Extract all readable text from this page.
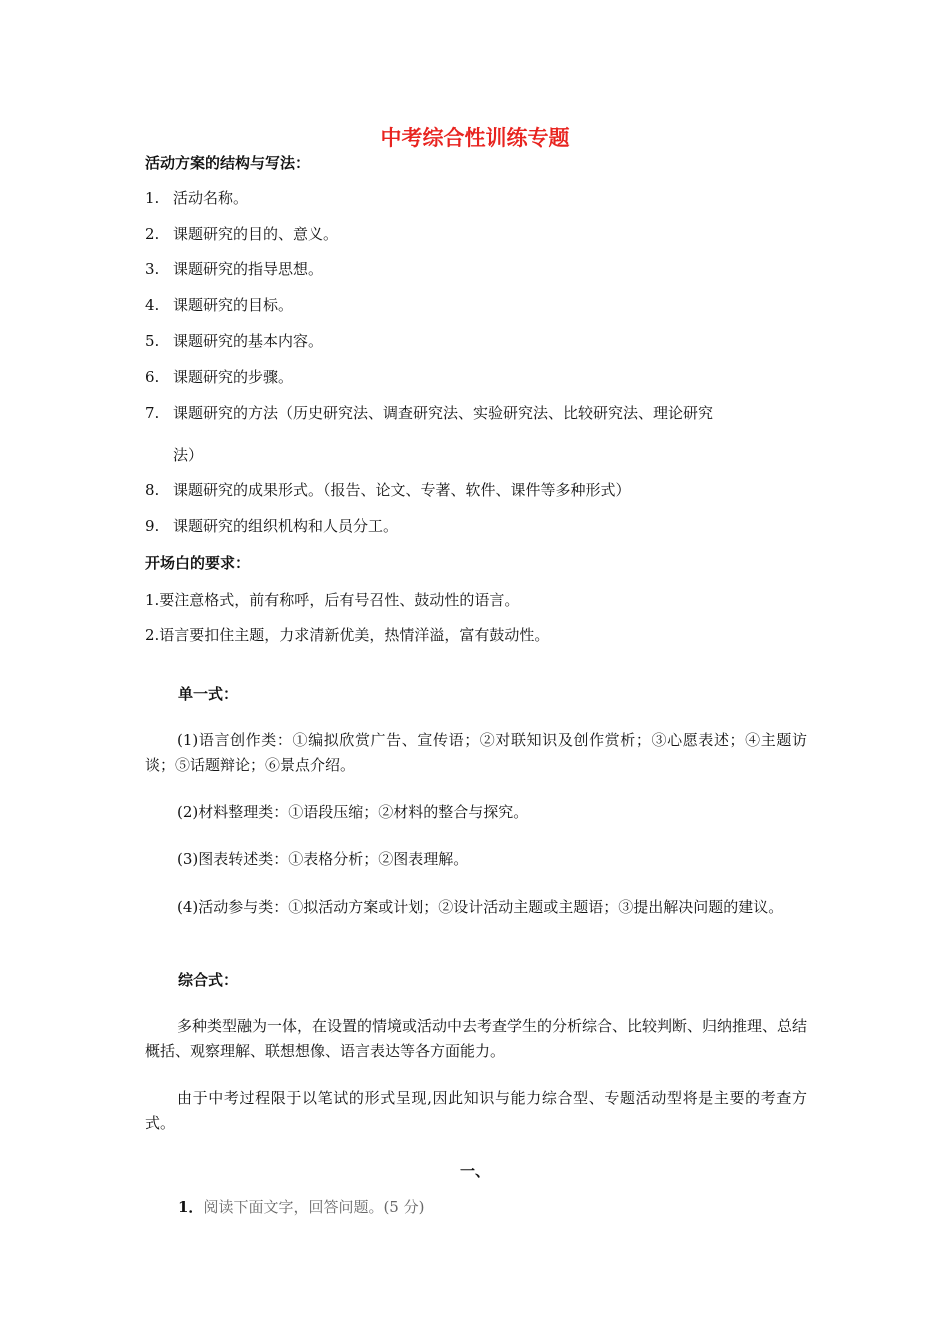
中考综合性训练专题
活动方案的结构与写法：
1. 活动名称。
2. 课题研究的目的、意义。
3. 课题研究的指导思想。
4. 课题研究的目标。
5. 课题研究的基本内容。
6. 课题研究的步骤。
7. 课题研究的方法（历史研究法、调查研究法、实验研究法、比较研究法、理论研究
法）
8. 课题研究的成果形式。（报告、论文、专著、软件、课件等多种形式）
9. 课题研究的组织机构和人员分工。
开场白的要求：
1.要注意格式，前有称呼，后有号召性、鼓动性的语言。
2.语言要扣住主题，力求清新优美，热情洋溢，富有鼓动性。
单一式：
(1)语言创作类：①编拟欣赏广告、宣传语；②对联知识及创作赏析；③心愿表述；④主题访谈；⑤话题辩论；⑥景点介绍。
(2)材料整理类：①语段压缩；②材料的整合与探究。
(3)图表转述类：①表格分析；②图表理解。
(4)活动参与类：①拟活动方案或计划；②设计活动主题或主题语；③提出解决问题的建议。
综合式：
多种类型融为一体，在设置的情境或活动中去考查学生的分析综合、比较判断、归纳推理、总结概括、观察理解、联想想像、语言表达等各方面能力。
由于中考过程限于以笔试的形式呈现,因此知识与能力综合型、专题活动型将是主要的考查方式。
一、
1．阅读下面文字，回答问题。(5 分)
